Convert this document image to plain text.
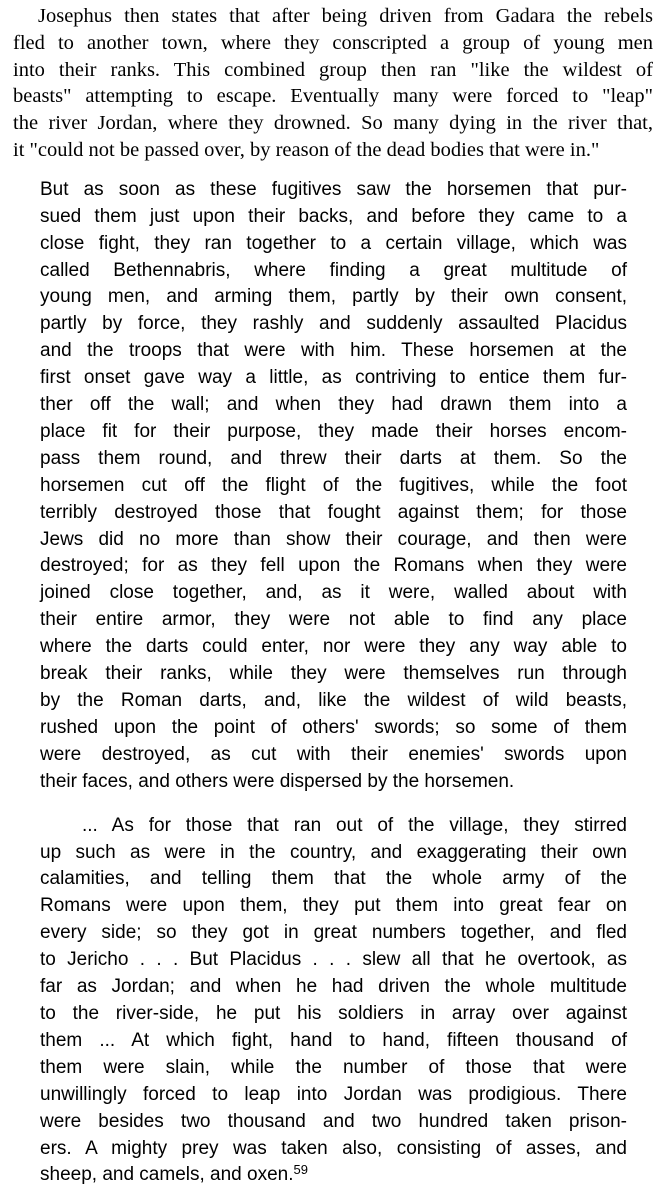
Josephus then states that after being driven from Gadara the rebels
fled to another town, where they conscripted a group of young men
into their ranks. This combined group then ran "like the wildest of
beasts" attempting to escape. Eventually many were forced to "leap"
the river Jordan, where they drowned. So many dying in the river that,
it "could not be passed over, by reason of the dead bodies that were in."
But as soon as these fugitives saw the horsemen that pur-
sued them just upon their backs, and before they came to a
close fight, they ran together to a certain village, which was
called Bethennabris, where finding a great multitude of
young men, and arming them, partly by their own consent,
partly by force, they rashly and suddenly assaulted Placidus
and the troops that were with him. These horsemen at the
first onset gave way a little, as contriving to entice them fur-
ther off the wall; and when they had drawn them into a
place fit for their purpose, they made their horses encom-
pass them round, and threw their darts at them. So the
horsemen cut off the flight of the fugitives, while the foot
terribly destroyed those that fought against them; for those
Jews did no more than show their courage, and then were
destroyed; for as they fell upon the Romans when they were
joined close together, and, as it were, walled about with
their entire armor, they were not able to find any place
where the darts could enter, nor were they any way able to
break their ranks, while they were themselves run through
by the Roman darts, and, like the wildest of wild beasts,
rushed upon the point of others' swords; so some of them
were destroyed, as cut with their enemies' swords upon
their faces, and others were dispersed by the horsemen.
... As for those that ran out of the village, they stirred
up such as were in the country, and exaggerating their own
calamities, and telling them that the whole army of the
Romans were upon them, they put them into great fear on
every side; so they got in great numbers together, and fled
to Jericho . . . But Placidus . . . slew all that he overtook, as
far as Jordan; and when he had driven the whole multitude
to the river-side, he put his soldiers in array over against
them ... At which fight, hand to hand, fifteen thousand of
them were slain, while the number of those that were
unwillingly forced to leap into Jordan was prodigious. There
were besides two thousand and two hundred taken prison-
ers. A mighty prey was taken also, consisting of asses, and
sheep, and camels, and oxen.$^{59}$
